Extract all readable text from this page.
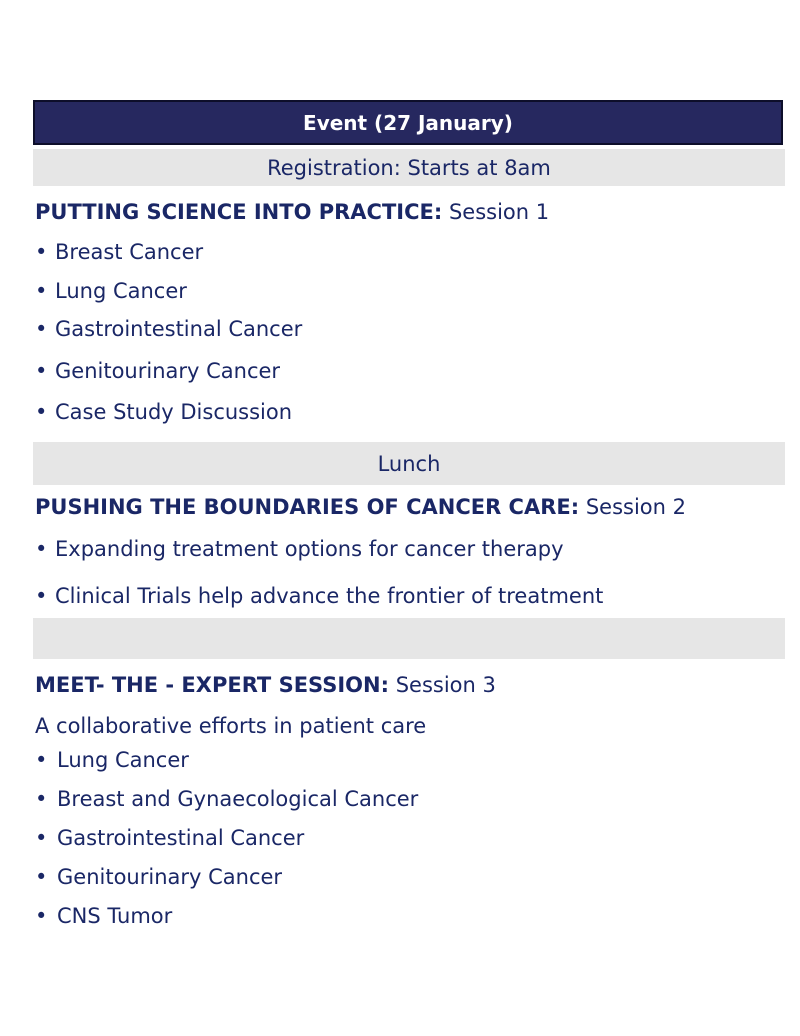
Event (27 January)
Registration: Starts at 8am
PUTTING SCIENCE INTO PRACTICE: Session 1
• Breast Cancer
• Lung Cancer
• Gastrointestinal Cancer
• Genitourinary Cancer
• Case Study Discussion
Lunch
PUSHING THE BOUNDARIES OF CANCER CARE: Session 2
• Expanding treatment options for cancer therapy
• Clinical Trials help advance the frontier of treatment
MEET- THE - EXPERT SESSION: Session 3
A collaborative efforts in patient care
• Lung Cancer
• Breast and Gynaecological Cancer
• Gastrointestinal Cancer
• Genitourinary Cancer
• CNS Tumor
